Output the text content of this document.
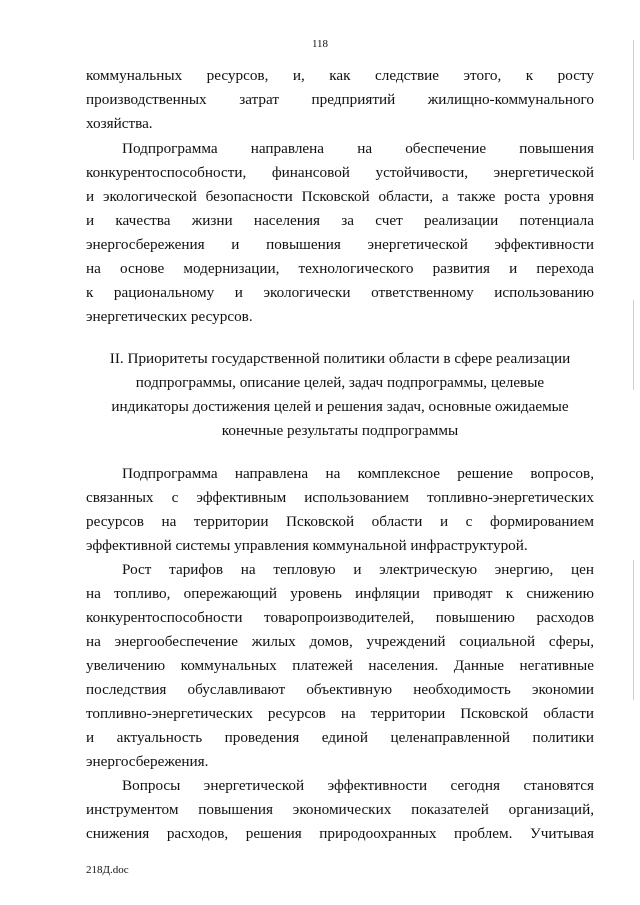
118
коммунальных ресурсов, и, как следствие этого, к росту
производственных затрат предприятий жилищно-коммунального
хозяйства.
Подпрограмма направлена на обеспечение повышения
конкурентоспособности, финансовой устойчивости, энергетической
и экологической безопасности Псковской области, а также роста уровня
и качества жизни населения за счет реализации потенциала
энергосбережения и повышения энергетической эффективности
на основе модернизации, технологического развития и перехода
к рациональному и экологически ответственному использованию
энергетических ресурсов.
II. Приоритеты государственной политики области в сфере реализации
подпрограммы, описание целей, задач подпрограммы, целевые
индикаторы достижения целей и решения задач, основные ожидаемые
конечные результаты подпрограммы
Подпрограмма направлена на комплексное решение вопросов,
связанных с эффективным использованием топливно-энергетических
ресурсов на территории Псковской области и с формированием
эффективной системы управления коммунальной инфраструктурой.
Рост тарифов на тепловую и электрическую энергию, цен
на топливо, опережающий уровень инфляции приводят к снижению
конкурентоспособности товаропроизводителей, повышению расходов
на энергообеспечение жилых домов, учреждений социальной сферы,
увеличению коммунальных платежей населения. Данные негативные
последствия обуславливают объективную необходимость экономии
топливно-энергетических ресурсов на территории Псковской области
и актуальность проведения единой целенаправленной политики
энергосбережения.
Вопросы энергетической эффективности сегодня становятся
инструментом повышения экономических показателей организаций,
снижения расходов, решения природоохранных проблем. Учитывая
218Д.doc
